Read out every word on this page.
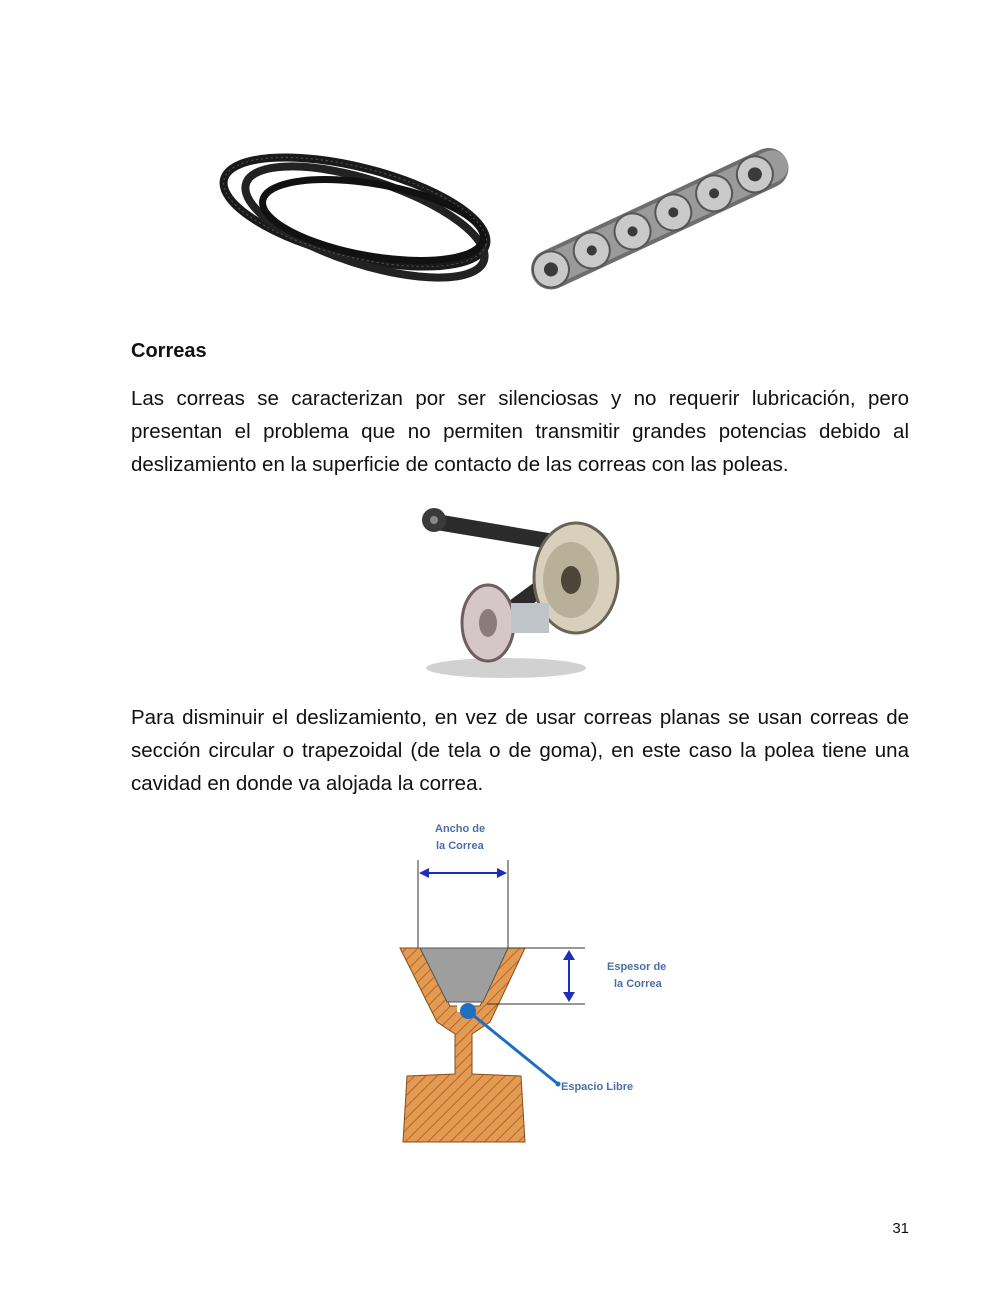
Correas
Las correas se caracterizan por ser silenciosas y no requerir lubricación, pero presentan el problema que no permiten transmitir grandes potencias debido al deslizamiento en la superficie de contacto de las correas con las poleas.
Para disminuir el deslizamiento, en vez de usar correas planas se usan correas de sección circular o trapezoidal (de tela o de goma), en este caso la polea tiene una cavidad en donde va alojada la correa.
Ancho de
la Correa
Espesor de
la Correa
Espacio Libre
31
